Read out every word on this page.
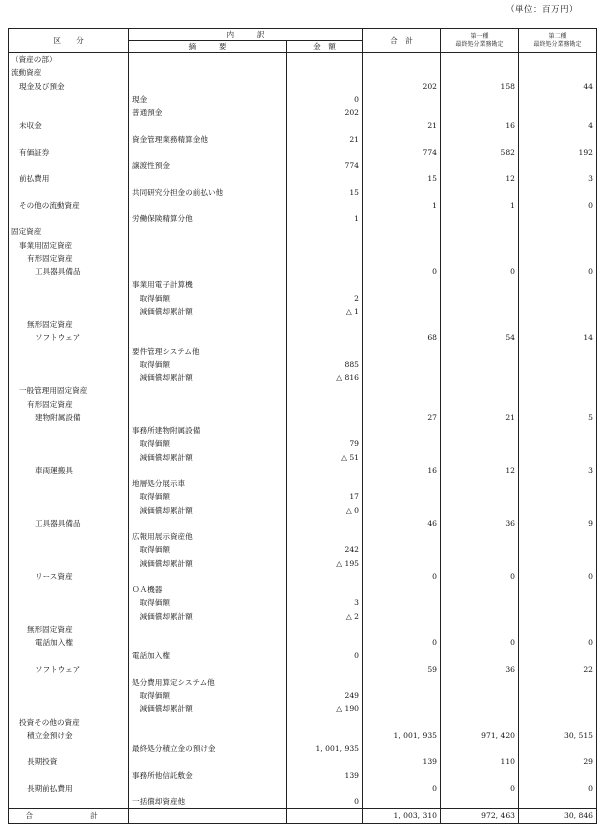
（単位：百万円）
区　　分	内　　　訳		合　計	第一種
最終処分業務勘定	第二種
最終処分業務勘定
	摘　　　要	金　額			
（資産の部）					
流動資産					
現金及び預金			202	158	44
	現金	0			
	普通預金	202			
未収金			21	16	4
	資金管理業務精算金他	21			
有価証券			774	582	192
	譲渡性預金	774			
前払費用			15	12	3
	共同研究分担金の前払い他	15			
その他の流動資産			1	1	0
	労働保険精算分他	1			
固定資産					
事業用固定資産					
有形固定資産					
工具器具備品			0	0	0
	事業用電子計算機				
	　取得価額	2			
	　減価償却累計額	△ 1			
無形固定資産					
ソフトウェア			68	54	14
	要件管理システム他				
	　取得価額	885			
	　減価償却累計額	△ 816			
一般管理用固定資産					
有形固定資産					
建物附属設備			27	21	5
	事務所建物附属設備				
	　取得価額	79			
	　減価償却累計額	△ 51			
車両運搬具			16	12	3
	地層処分展示車				
	　取得価額	17			
	　減価償却累計額	△ 0			
工具器具備品			46	36	9
	広報用展示資産他				
	　取得価額	242			
	　減価償却累計額	△ 195			
リース資産			0	0	0
	ＯＡ機器				
	　取得価額	3			
	　減価償却累計額	△ 2			
無形固定資産					
電話加入権			0	0	0
	電話加入権	0			
ソフトウェア			59	36	22
	処分費用算定システム他				
	　取得価額	249			
	　減価償却累計額	△ 190			
投資その他の資産					
積立金預け金			1, 001, 935	971, 420	30, 515
	最終処分積立金の預け金	1, 001, 935			
長期投資			139	110	29
	事務所他信託敷金	139			
長期前払費用			0	0	0
	一括償却資産他	0			
合　　計			1, 003, 310	972, 463	30, 846
